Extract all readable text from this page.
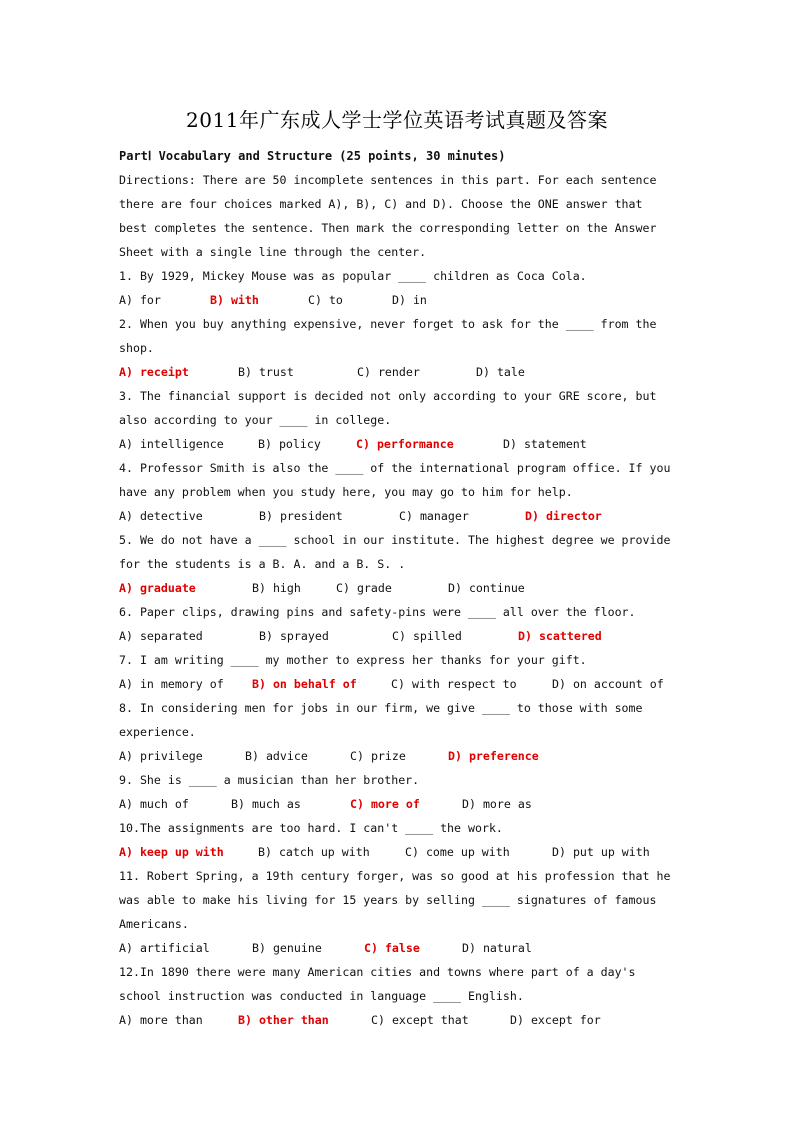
2011年广东成人学士学位英语考试真题及答案
PartⅠ Vocabulary and Structure (25 points, 30 minutes)
Directions: There are 50 incomplete sentences in this part. For each sentence
there are four choices marked A), B), C) and D). Choose the ONE answer that
best completes the sentence. Then mark the corresponding letter on the Answer
Sheet with a single line through the center.
1. By 1929, Mickey Mouse was as popular ____ children as Coca Cola.
A) for	B) with	C) to	D) in
2. When you buy anything expensive, never forget to ask for the ____ from the
shop.
A) receipt	B) trust	C) render	D) tale
3. The financial support is decided not only according to your GRE score, but
also according to your ____ in college.
A) intelligence	B) policy	C) performance	D) statement
4. Professor Smith is also the ____ of the international program office. If you
have any problem when you study here, you may go to him for help.
A) detective	B) president	C) manager	D) director
5. We do not have a ____ school in our institute. The highest degree we provide
for the students is a B. A. and a B. S. .
A) graduate	B) high	C) grade	D) continue
6. Paper clips, drawing pins and safety-pins were ____ all over the floor.
A) separated	B) sprayed	C) spilled	D) scattered
7. I am writing ____ my mother to express her thanks for your gift.
A) in memory of	B) on behalf of	C) with respect to	D) on account of
8. In considering men for jobs in our firm, we give ____ to those with some
experience.
A) privilege	B) advice	C) prize	D) preference
9. She is ____ a musician than her brother.
A) much of	B) much as	C) more of	D) more as
10.The assignments are too hard. I can't ____ the work.
A) keep up with	B) catch up with	C) come up with	D) put up with
11. Robert Spring, a 19th century forger, was so good at his profession that he
was able to make his living for 15 years by selling ____ signatures of famous
Americans.
A) artificial	B) genuine	C) false	D) natural
12.In 1890 there were many American cities and towns where part of a day's
school instruction was conducted in language ____ English.
A) more than	B) other than	C) except that	D) except for
